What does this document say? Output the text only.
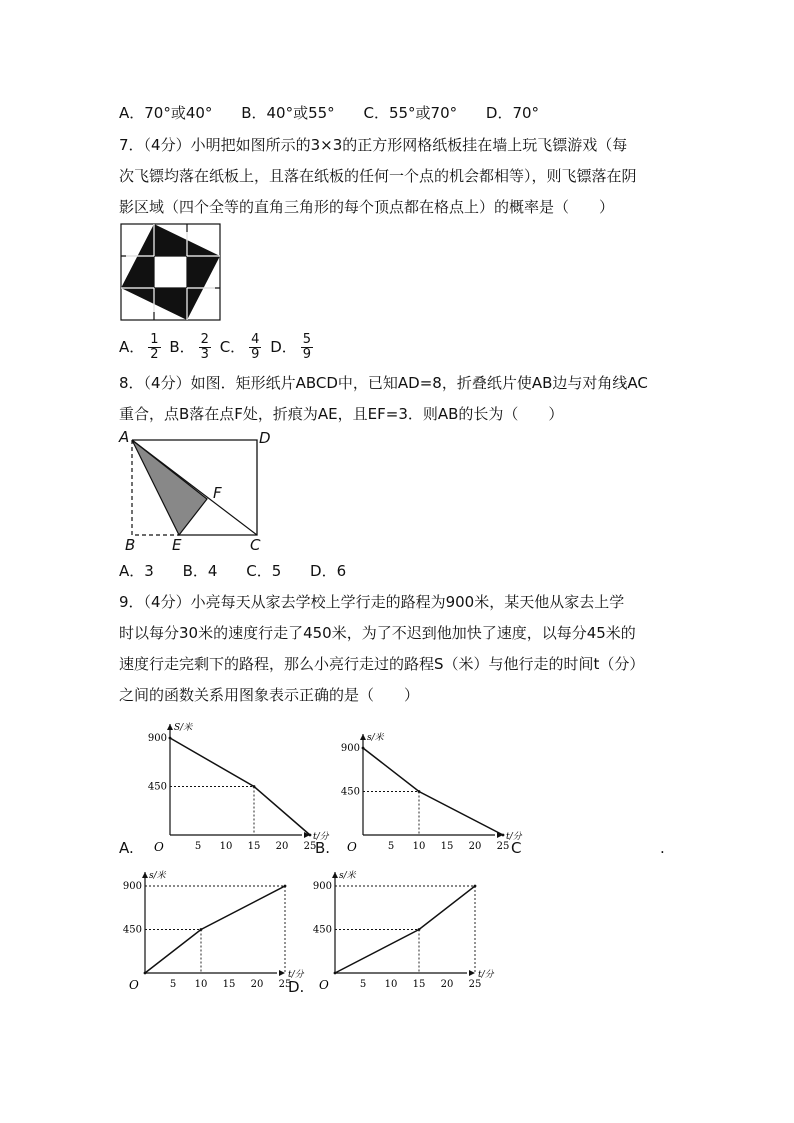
A．70°或40° B．40°或55° C．55°或70° D．70°
7．（4分）小明把如图所示的3×3的正方形网格纸板挂在墙上玩飞镖游戏（每
次飞镖均落在纸板上，且落在纸板的任何一个点的机会都相等），则飞镖落在阴
影区域（四个全等的直角三角形的每个顶点都在格点上）的概率是（　　）
A． $\frac{1}{2}$ B． $\frac{2}{3}$ C． $\frac{4}{9}$ D． $\frac{5}{9}$
8．（4分）如图．矩形纸片ABCD中，已知AD=8，折叠纸片使AB边与对角线AC
重合，点B落在点F处，折痕为AE，且EF=3．则AB的长为（　　）
A	D
F
B E	C
A．3 B．4 C．5 D．6
9．（4分）小亮每天从家去学校上学行走的路程为900米，某天他从家去上学
时以每分30米的速度行走了450米，为了不迟到他加快了速度，以每分45米的
速度行走完剩下的路程，那么小亮行走过的路程S（米）与他行走的时间t（分）
之间的函数关系用图象表示正确的是（　　）
S/米
t/分
O	5 10 15 20 25
900
450
s/米
t/分
O	5 10 15 20 25
900
450
s/米
t/分
O	5 10 15 20 25
900
450
s/米
t/分
O	5 10 15 20 25
900
450
A.	B.	C	.
D.
